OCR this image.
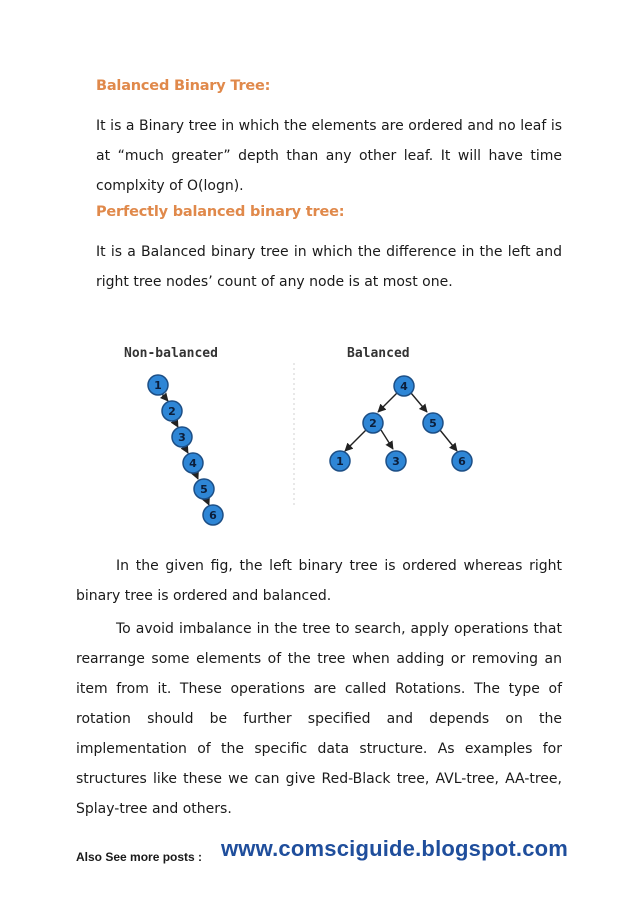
Balanced Binary Tree:

It is a Binary tree in which the elements are ordered and no leaf is at “much greater” depth than any other leaf. It will have time complxity of O(logn).

Perfectly balanced binary tree:

It is a Balanced binary tree in which the difference in the left and right tree nodes’ count of any node is at most one.

Non-balanced	Balanced
1
2
3
4
5
6
4
2	5
1	3	6

In the given fig, the left binary tree is ordered whereas right binary tree is ordered and balanced.

To avoid imbalance in the tree to search, apply operations that rearrange some elements of the tree when adding or removing an item from it. These operations are called Rotations. The type of rotation should be further specified and depends on the implementation of the specific data structure. As examples for structures like these we can give Red-Black tree, AVL-tree, AA-tree, Splay-tree and others.

Also See more posts : www.comsciguide.blogspot.com
